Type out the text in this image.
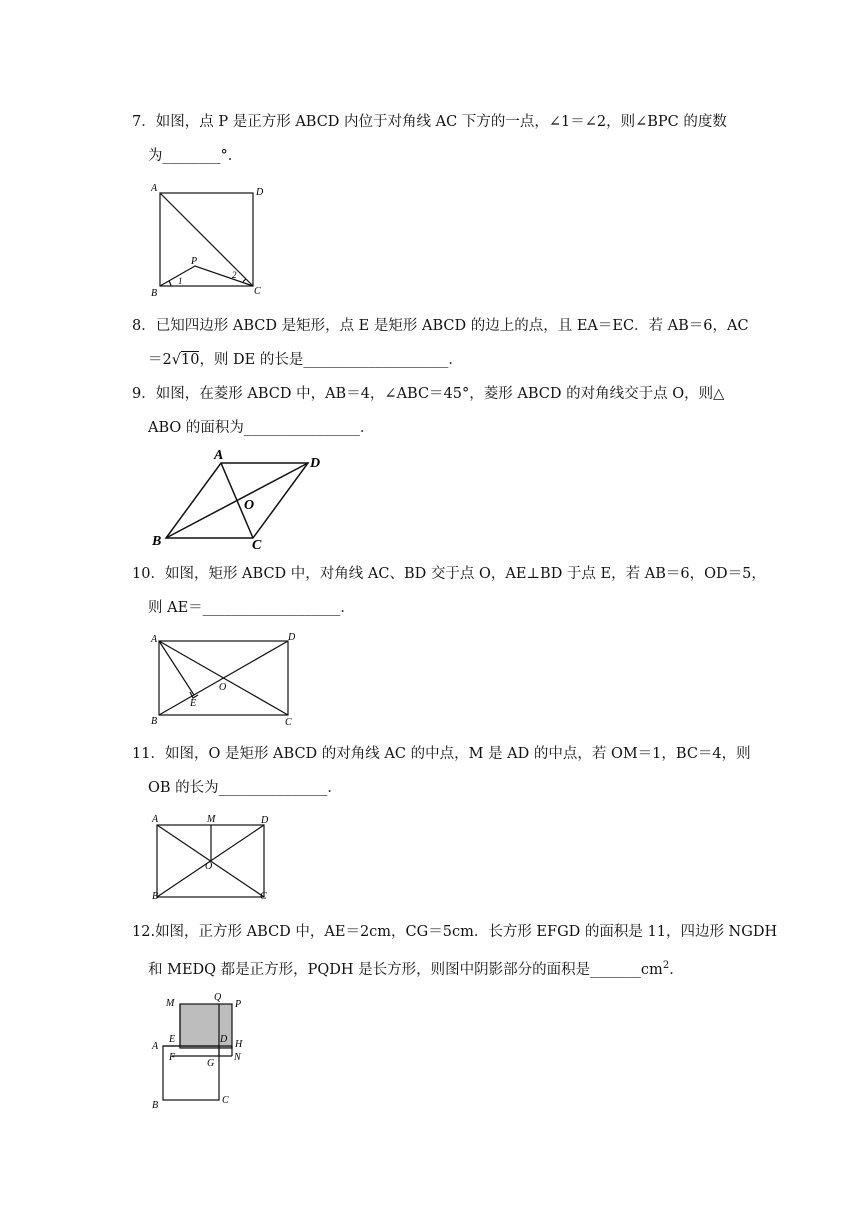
7．如图，点 P 是正方形 ABCD 内位于对角线 AC 下方的一点，∠1＝∠2，则∠BPC 的度数
为________°．
A	D
B	C
P
1
2
8．已知四边形 ABCD 是矩形，点 E 是矩形 ABCD 的边上的点，且 EA＝EC．若 AB＝6，AC
＝2√10，则 DE 的长是____________________．
9．如图，在菱形 ABCD 中，AB＝4，∠ABC＝45°，菱形 ABCD 的对角线交于点 O，则△
ABO 的面积为________________．
A
D
B	C
O
10．如图，矩形 ABCD 中，对角线 AC、BD 交于点 O，AE⊥BD 于点 E，若 AB＝6，OD＝5，
则 AE＝___________________．
A	D
B	C
O
E
11．如图，O 是矩形 ABCD 的对角线 AC 的中点，M 是 AD 的中点，若 OM＝1，BC＝4，则
OB 的长为_______________．
A	M	D
B	C
O
12.如图，正方形 ABCD 中，AE＝2cm，CG＝5cm．长方形 EFGD 的面积是 11，四边形 NGDH
和 MEDQ 都是正方形，PQDH 是长方形，则图中阴影部分的面积是$\_\_\_\_\_\_\_cm^2$．
M
Q
P
E	D H
A
F
G
N
B	C
